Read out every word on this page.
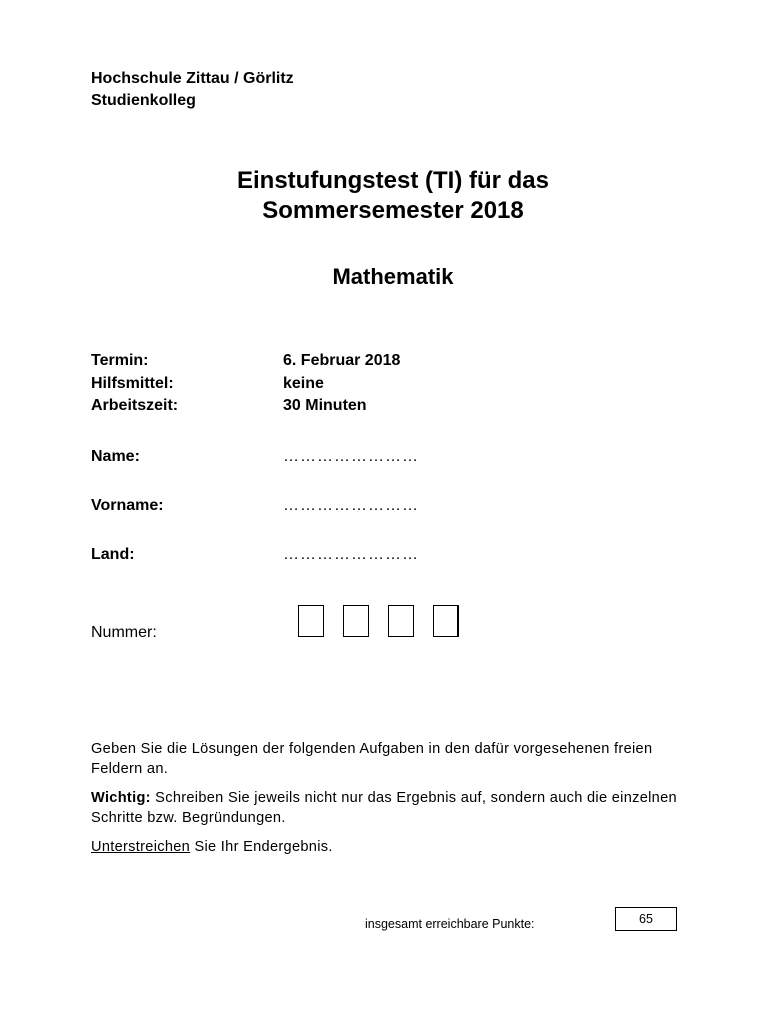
Hochschule Zittau / Görlitz
Studienkolleg
Einstufungstest (TI) für das
Sommersemester 2018
Mathematik
Termin:	6. Februar 2018
Hilfsmittel:	keine
Arbeitszeit:	30 Minuten
Name:	……………………
Vorname:	……………………
Land:	……………………
Nummer:
Geben Sie die Lösungen der folgenden Aufgaben in den dafür vorgesehenen freien Feldern an.
Wichtig: Schreiben Sie jeweils nicht nur das Ergebnis auf, sondern auch die einzelnen Schritte bzw. Begründungen.
Unterstreichen Sie Ihr Endergebnis.
insgesamt erreichbare Punkte:	65
